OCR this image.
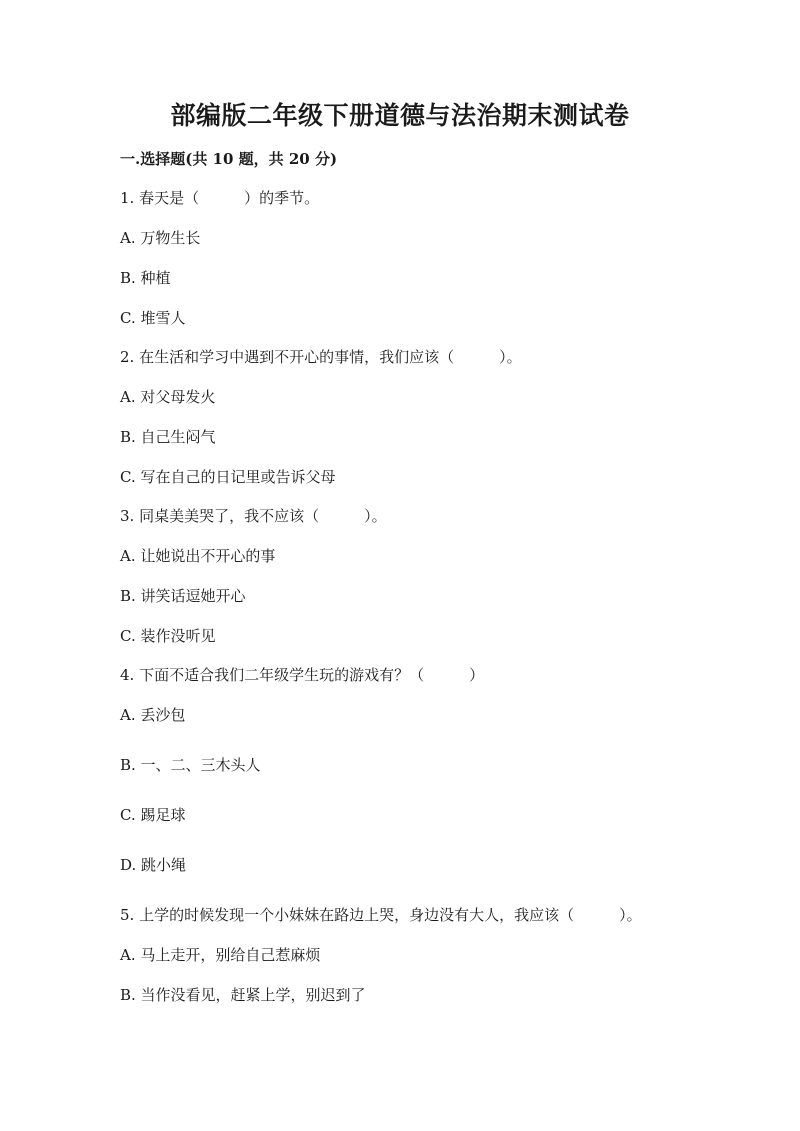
部编版二年级下册道德与法治期末测试卷
一.选择题(共 10 题，共 20 分)
1. 春天是（　　　）的季节。
A. 万物生长
B. 种植
C. 堆雪人
2. 在生活和学习中遇到不开心的事情，我们应该（　　　）。
A. 对父母发火
B. 自己生闷气
C. 写在自己的日记里或告诉父母
3. 同桌美美哭了，我不应该（　　　）。
A. 让她说出不开心的事
B. 讲笑话逗她开心
C. 装作没听见
4. 下面不适合我们二年级学生玩的游戏有？（　　　）
A. 丢沙包
B. 一、二、三木头人
C. 踢足球
D. 跳小绳
5. 上学的时候发现一个小妹妹在路边上哭，身边没有大人，我应该（　　　）。
A. 马上走开，别给自己惹麻烦
B. 当作没看见，赶紧上学，别迟到了
